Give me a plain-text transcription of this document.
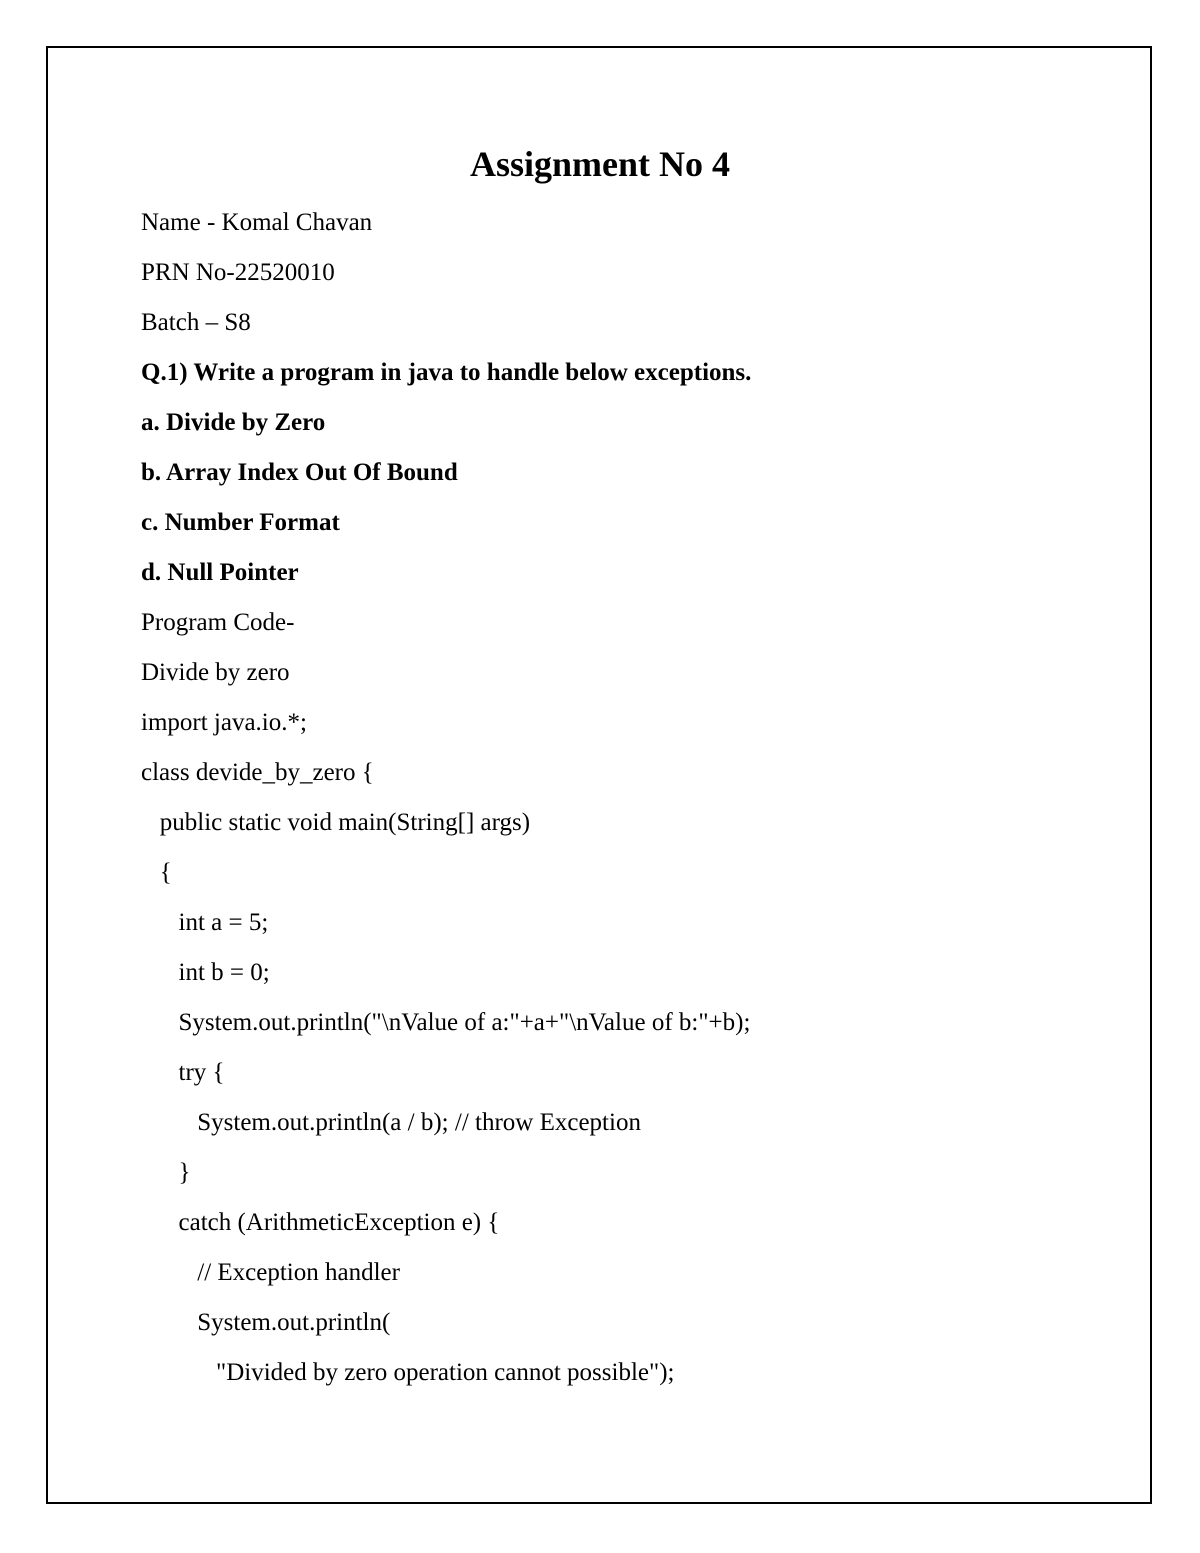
Assignment No 4
Name - Komal Chavan
PRN No-22520010
Batch – S8
Q.1) Write a program in java to handle below exceptions.
a. Divide by Zero
b. Array Index Out Of Bound
c. Number Format
d. Null Pointer
Program Code-
Divide by zero
import java.io.*;
class devide_by_zero {
public static void main(String[] args)
{
int a = 5;
int b = 0;
System.out.println("\nValue of a:"+a+"\nValue of b:"+b);
try {
System.out.println(a / b); // throw Exception
}
catch (ArithmeticException e) {
// Exception handler
System.out.println(
"Divided by zero operation cannot possible");
